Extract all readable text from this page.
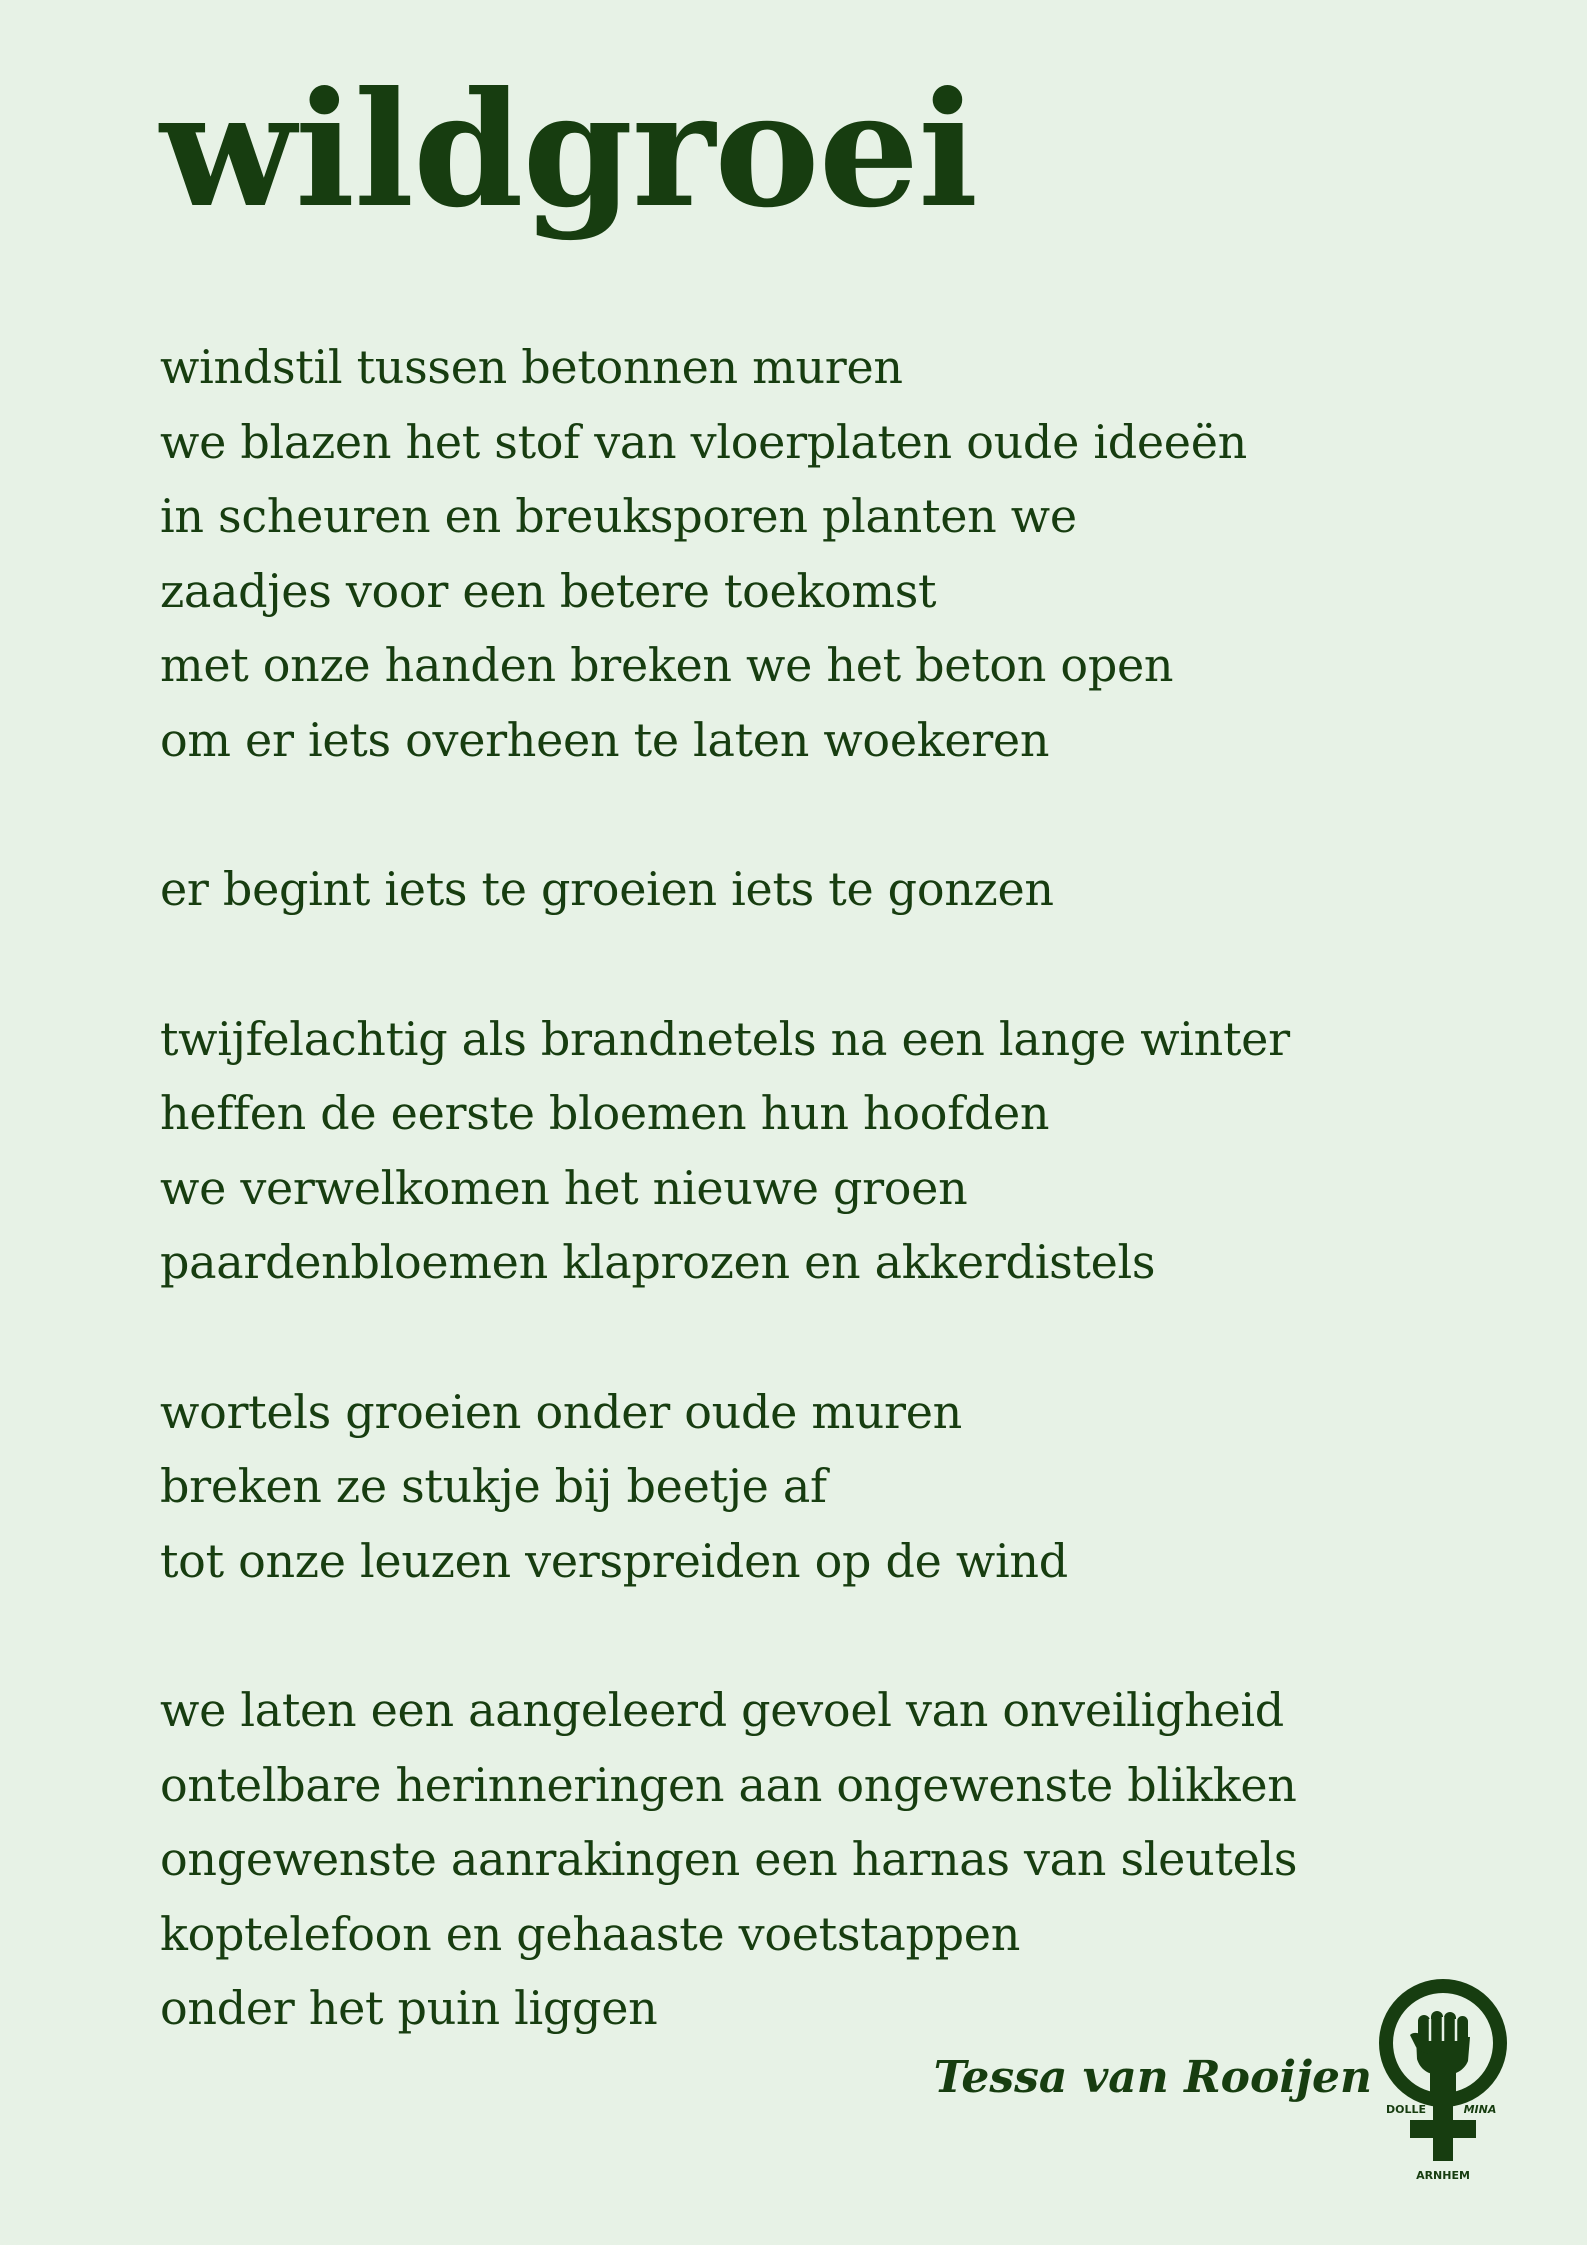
wildgroei
windstil tussen betonnen muren
we blazen het stof van vloerplaten oude ideeën
in scheuren en breuksporen planten we
zaadjes voor een betere toekomst
met onze handen breken we het beton open
om er iets overheen te laten woekeren
er begint iets te groeien iets te gonzen
twijfelachtig als brandnetels na een lange winter
heffen de eerste bloemen hun hoofden
we verwelkomen het nieuwe groen
paardenbloemen klaprozen en akkerdistels
wortels groeien onder oude muren
breken ze stukje bij beetje af
tot onze leuzen verspreiden op de wind
we laten een aangeleerd gevoel van onveiligheid
ontelbare herinneringen aan ongewenste blikken
ongewenste aanrakingen een harnas van sleutels
koptelefoon en gehaaste voetstappen
onder het puin liggen
Tessa van Rooijen
DOLLE	MINA
ARNHEM
